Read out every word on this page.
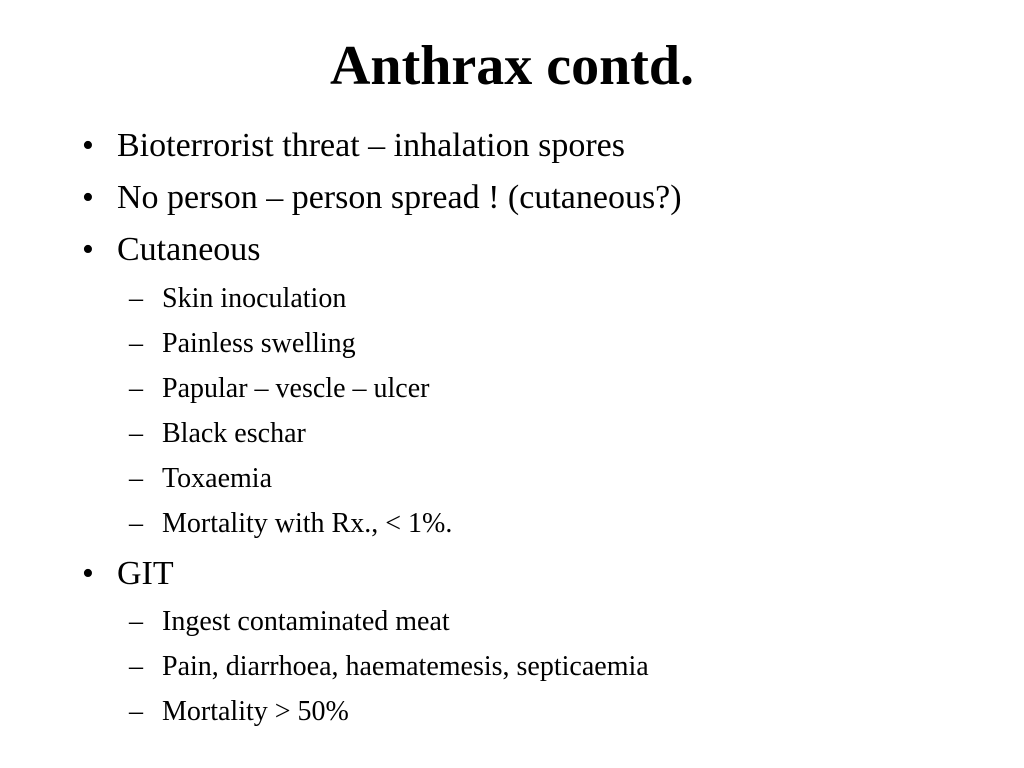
Anthrax contd.
• Bioterrorist threat – inhalation spores
• No person – person spread ! (cutaneous?)
• Cutaneous
– Skin inoculation
– Painless swelling
– Papular – vescle – ulcer
– Black eschar
– Toxaemia
– Mortality with Rx., < 1%.
• GIT
– Ingest contaminated meat
– Pain, diarrhoea, haematemesis, septicaemia
– Mortality > 50%
